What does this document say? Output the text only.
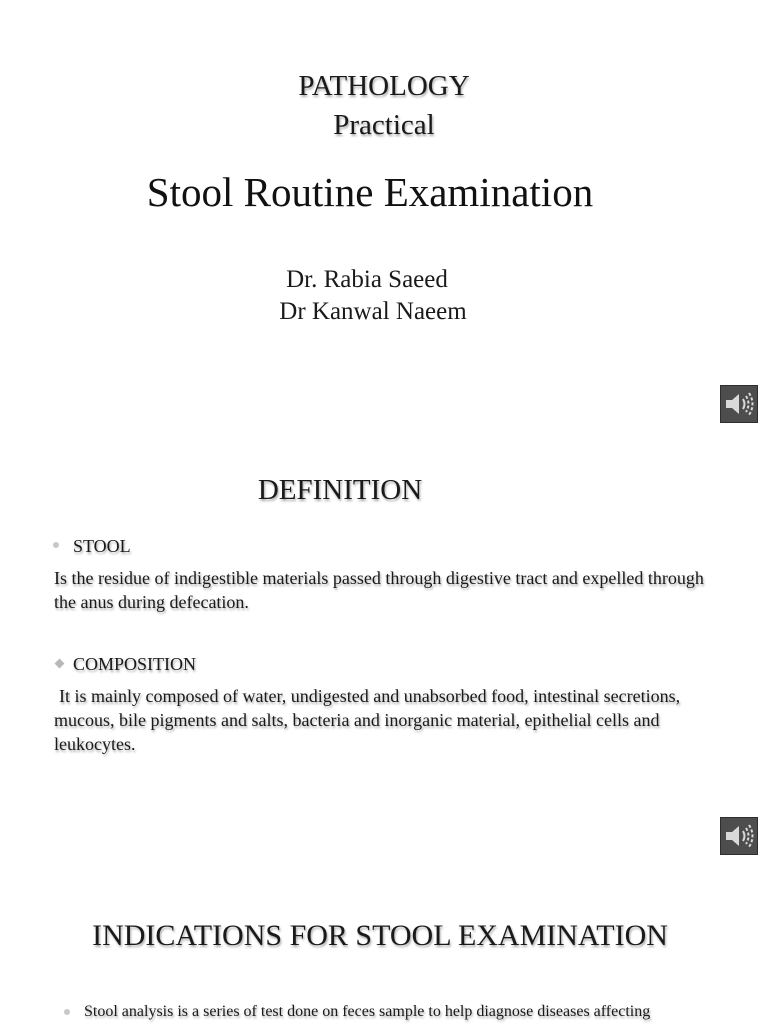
PATHOLOGY
Practical
Stool Routine Examination
Dr. Rabia Saeed
Dr Kanwal Naeem
DEFINITION
STOOL
Is the residue of indigestible materials passed through digestive tract and expelled through the anus during defecation.
COMPOSITION
It is mainly composed of water, undigested and unabsorbed food, intestinal secretions, mucous, bile pigments and salts, bacteria and inorganic material, epithelial cells and leukocytes.
INDICATIONS FOR STOOL EXAMINATION
Stool analysis is a series of test done on feces sample to help diagnose diseases affecting
